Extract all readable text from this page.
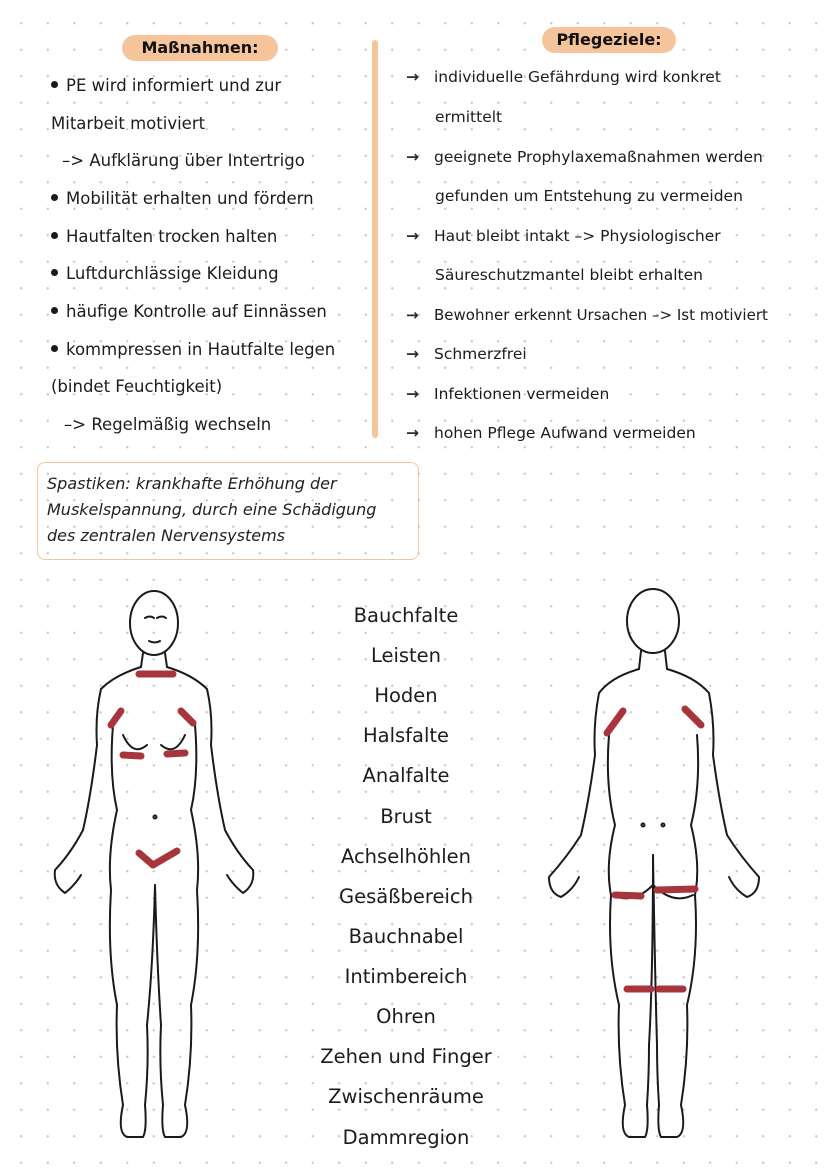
Maßnahmen:
PE wird informiert und zur
Mitarbeit motiviert
–> Aufklärung über Intertrigo
Mobilität erhalten und fördern
Hautfalten trocken halten
Luftdurchlässige Kleidung
häufige Kontrolle auf Einnässen
kommpressen in Hautfalte legen
(bindet Feuchtigkeit)
–> Regelmäßig wechseln
Pflegeziele:
→ individuelle Gefährdung wird konkret
ermittelt
→ geeignete Prophylaxemaßnahmen werden
gefunden um Entstehung zu vermeiden
→ Haut bleibt intakt –> Physiologischer
Säureschutzmantel bleibt erhalten
→ Bewohner erkennt Ursachen –> Ist motiviert
→ Schmerzfrei
→ Infektionen vermeiden
→ hohen Pflege Aufwand vermeiden
Spastiken: krankhafte Erhöhung der
Muskelspannung, durch eine Schädigung
des zentralen Nervensystems
Bauchfalte
Leisten
Hoden
Halsfalte
Analfalte
Brust
Achselhöhlen
Gesäßbereich
Bauchnabel
Intimbereich
Ohren
Zehen und Finger
Zwischenräume
Dammregion
